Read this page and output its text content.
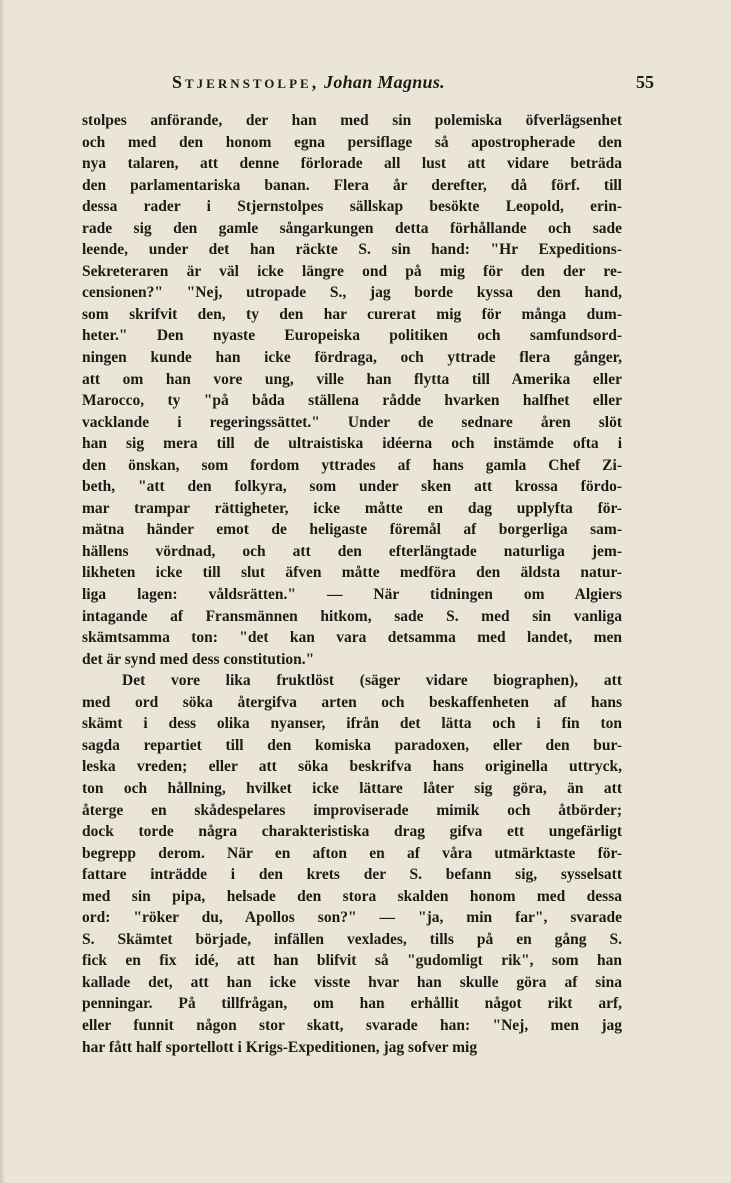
Stjernstolpe, Johan Magnus.	55
stolpes anförande, der han med sin polemiska öfverlägsenhet
och med den honom egna persiflage så apostropherade den
nya talaren, att denne förlorade all lust att vidare beträda
den parlamentariska banan. Flera år derefter, då förf. till
dessa rader i Stjernstolpes sällskap besökte Leopold, erin-
rade sig den gamle sångarkungen detta förhållande och sade
leende, under det han räckte S. sin hand: "Hr Expeditions-
Sekreteraren är väl icke längre ond på mig för den der re-
censionen?" "Nej, utropade S., jag borde kyssa den hand,
som skrifvit den, ty den har curerat mig för många dum-
heter." Den nyaste Europeiska politiken och samfundsord-
ningen kunde han icke fördraga, och yttrade flera gånger,
att om han vore ung, ville han flytta till Amerika eller
Marocco, ty "på båda ställena rådde hvarken halfhet eller
vacklande i regeringssättet." Under de sednare åren slöt
han sig mera till de ultraistiska idéerna och instämde ofta i
den önskan, som fordom yttrades af hans gamla Chef Zi-
beth, "att den folkyra, som under sken att krossa fördo-
mar trampar rättigheter, icke måtte en dag upplyfta för-
mätna händer emot de heligaste föremål af borgerliga sam-
hällens vördnad, och att den efterlängtade naturliga jem-
likheten icke till slut äfven måtte medföra den äldsta natur-
liga lagen: våldsrätten." — När tidningen om Algiers
intagande af Fransmännen hitkom, sade S. med sin vanliga
skämtsamma ton: "det kan vara detsamma med landet, men
det är synd med dess constitution."
Det vore lika fruktlöst (säger vidare biographen), att
med ord söka återgifva arten och beskaffenheten af hans
skämt i dess olika nyanser, ifrån det lätta och i fin ton
sagda repartiet till den komiska paradoxen, eller den bur-
leska vreden; eller att söka beskrifva hans originella uttryck,
ton och hållning, hvilket icke lättare låter sig göra, än att
återge en skådespelares improviserade mimik och åtbörder;
dock torde några charakteristiska drag gifva ett ungefärligt
begrepp derom. När en afton en af våra utmärktaste för-
fattare inträdde i den krets der S. befann sig, sysselsatt
med sin pipa, helsade den stora skalden honom med dessa
ord: "röker du, Apollos son?" — "ja, min far", svarade
S. Skämtet började, infällen vexlades, tills på en gång S.
fick en fix idé, att han blifvit så "gudomligt rik", som han
kallade det, att han icke visste hvar han skulle göra af sina
penningar. På tillfrågan, om han erhållit något rikt arf,
eller funnit någon stor skatt, svarade han: "Nej, men jag
har fått half sportellott i Krigs-Expeditionen, jag sofver mig
